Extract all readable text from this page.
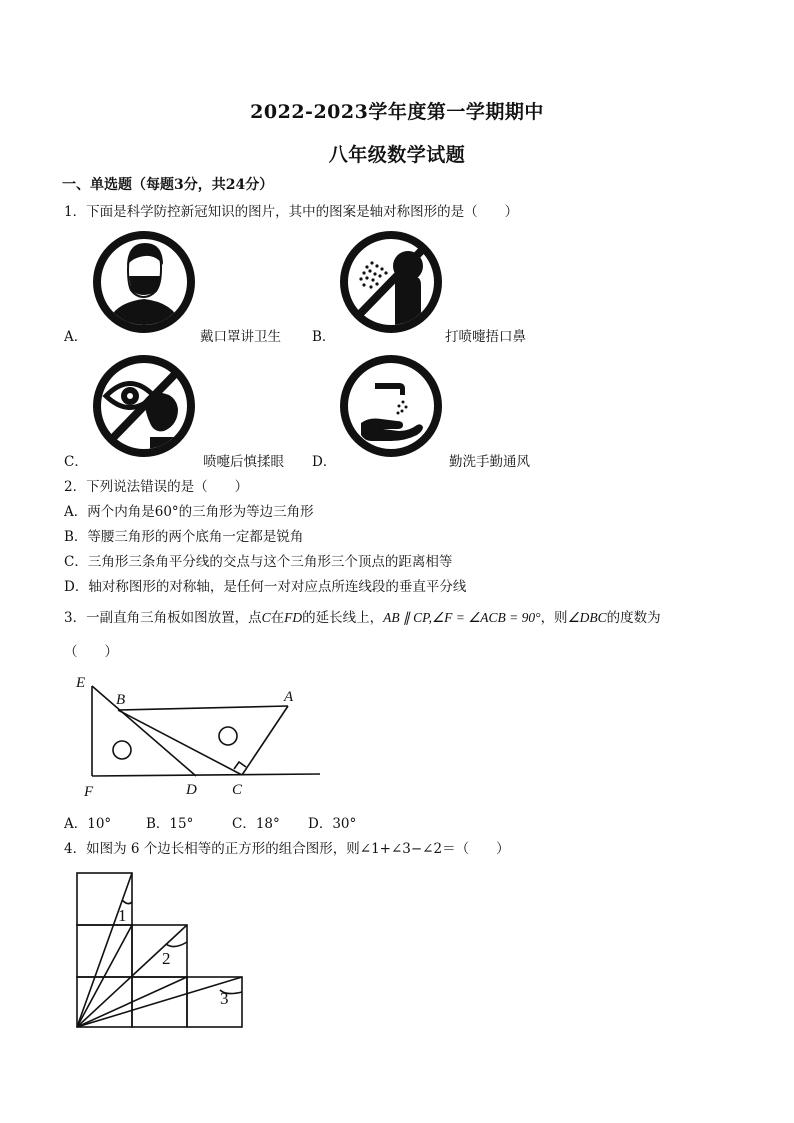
2022-2023学年度第一学期期中
八年级数学试题
一、单选题（每题3分，共24分）
1．下面是科学防控新冠知识的图片，其中的图案是轴对称图形的是（　　）
A．	戴口罩讲卫生 B．	打喷嚏捂口鼻
C．	喷嚏后慎揉眼 D．	勤洗手勤通风
2．下列说法错误的是（　　）
A．两个内角是60°的三角形为等边三角形
B．等腰三角形的两个底角一定都是锐角
C．三角形三条角平分线的交点与这个三角形三个顶点的距离相等
D．轴对称图形的对称轴，是任何一对对应点所连线段的垂直平分线
3．一副直角三角板如图放置，点C在FD的延长线上，AB ∥ CP,∠F = ∠ACB = 90°，则∠DBC的度数为
（　　）
E
B	A
F	D C
A．10°	B．15°	C．18° D．30°
4．如图为 6 个边长相等的正方形的组合图形，则∠1+∠3−∠2＝（　　）
1
2
3
